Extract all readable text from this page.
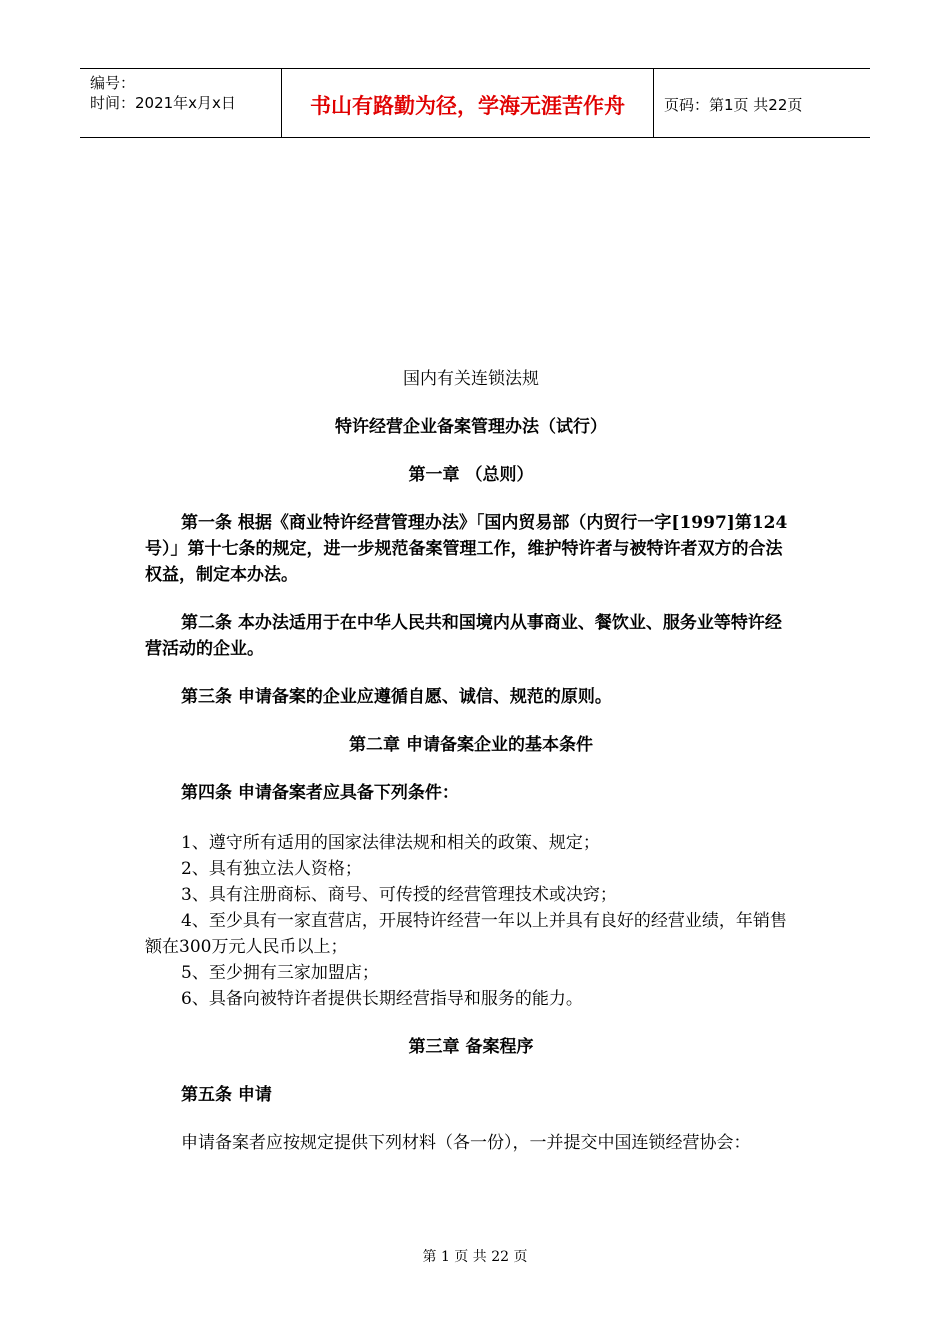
编号：
时间：2021年x月x日	书山有路勤为径，学海无涯苦作舟	页码：第1页 共22页

国内有关连锁法规

特许经营企业备案管理办法（试行）

第一章 （总则）

第一条 根据《商业特许经营管理办法》「国内贸易部（内贸行一字[1997]第124号）」第十七条的规定，进一步规范备案管理工作，维护特许者与被特许者双方的合法权益，制定本办法。

第二条 本办法适用于在中华人民共和国境内从事商业、餐饮业、服务业等特许经营活动的企业。

第三条 申请备案的企业应遵循自愿、诚信、规范的原则。

第二章 申请备案企业的基本条件

第四条 申请备案者应具备下列条件：

1、遵守所有适用的国家法律法规和相关的政策、规定；

2、具有独立法人资格；

3、具有注册商标、商号、可传授的经营管理技术或决窍；

4、至少具有一家直营店，开展特许经营一年以上并具有良好的经营业绩，年销售额在300万元人民币以上；

5、至少拥有三家加盟店；

6、具备向被特许者提供长期经营指导和服务的能力。

第三章 备案程序

第五条 申请

申请备案者应按规定提供下列材料（各一份），一并提交中国连锁经营协会：

第 1 页 共 22 页
